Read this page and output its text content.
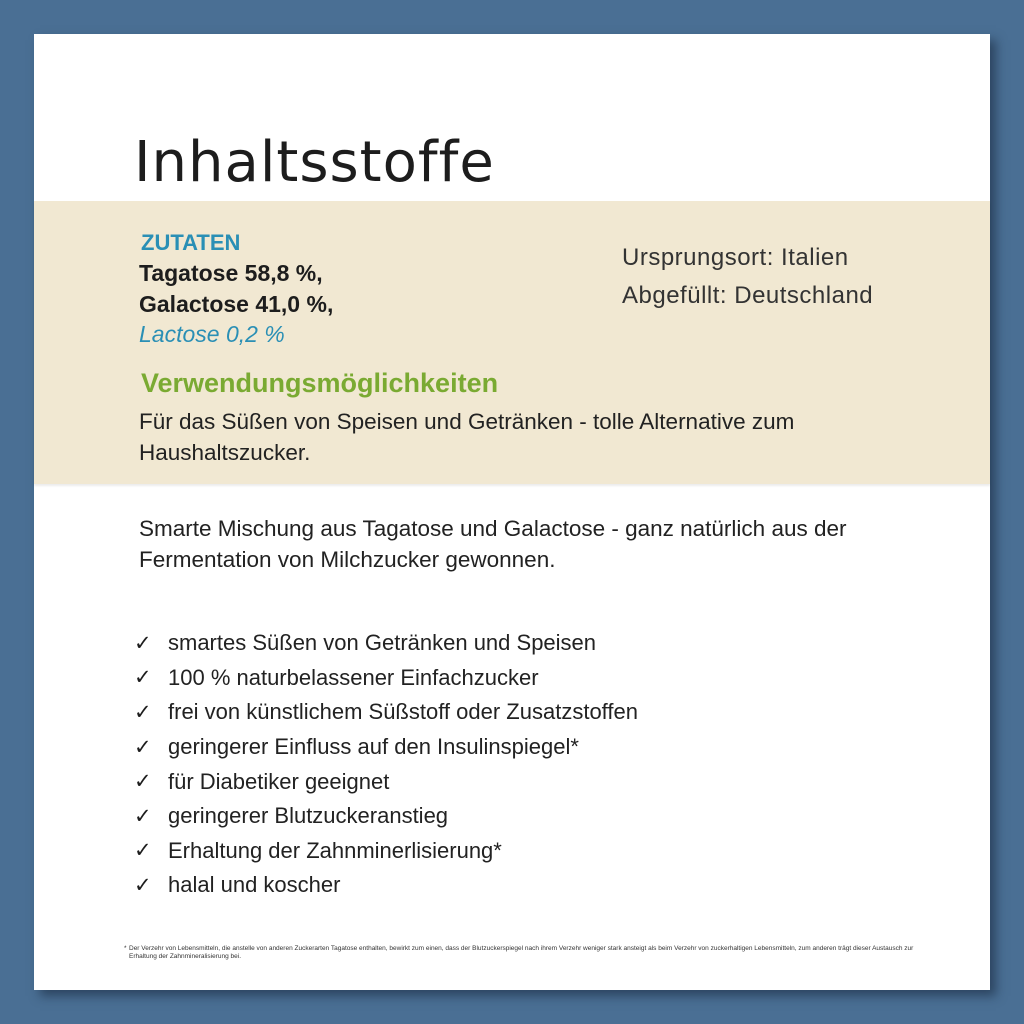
Inhaltsstoffe
ZUTATEN
Tagatose 58,8 %,
Galactose 41,0 %,
Lactose 0,2 %
Ursprungsort: Italien
Abgefüllt: Deutschland
Verwendungsmöglichkeiten
Für das Süßen von Speisen und Getränken - tolle Alternative zum Haushaltszucker.
Smarte Mischung aus Tagatose und Galactose - ganz natürlich aus der Fermentation von Milchzucker gewonnen.
✓ smartes Süßen von Getränken und Speisen
✓ 100 % naturbelassener Einfachzucker
✓ frei von künstlichem Süßstoff oder Zusatzstoffen
✓ geringerer Einfluss auf den Insulinspiegel*
✓ für Diabetiker geeignet
✓ geringerer Blutzuckeranstieg
✓ Erhaltung der Zahnminerlisierung*
✓ halal und koscher
* Der Verzehr von Lebensmitteln, die anstelle von anderen Zuckerarten Tagatose enthalten, bewirkt zum einen, dass der Blutzuckerspiegel nach ihrem Verzehr weniger stark ansteigt als beim Verzehr von zuckerhaltigen Lebensmitteln, zum anderen trägt dieser Austausch zur Erhaltung der Zahnmineralisierung bei.
